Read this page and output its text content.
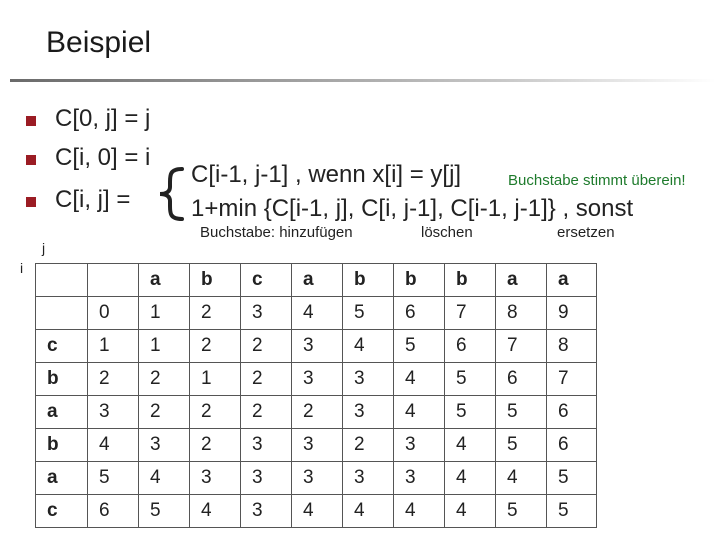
Beispiel
C[0, j] = j
C[i, 0] = i
C[i, j] =
C[i-1, j-1] , wenn x[i] = y[j]	Buchstabe stimmt überein!
1+min {C[i-1, j], C[i, j-1], C[i-1, j-1]} , sonst
Buchstabe: hinzufügen	löschen	ersetzen
j
i
		a	b	c	a	b	b	b	a	a
	0	1	2	3	4	5	6	7	8	9
c	1	1	2	2	3	4	5	6	7	8
b	2	2	1	2	3	3	4	5	6	7
a	3	2	2	2	2	3	4	5	5	6
b	4	3	2	3	3	2	3	4	5	6
a	5	4	3	3	3	3	3	4	4	5
c	6	5	4	3	4	4	4	4	5	5
